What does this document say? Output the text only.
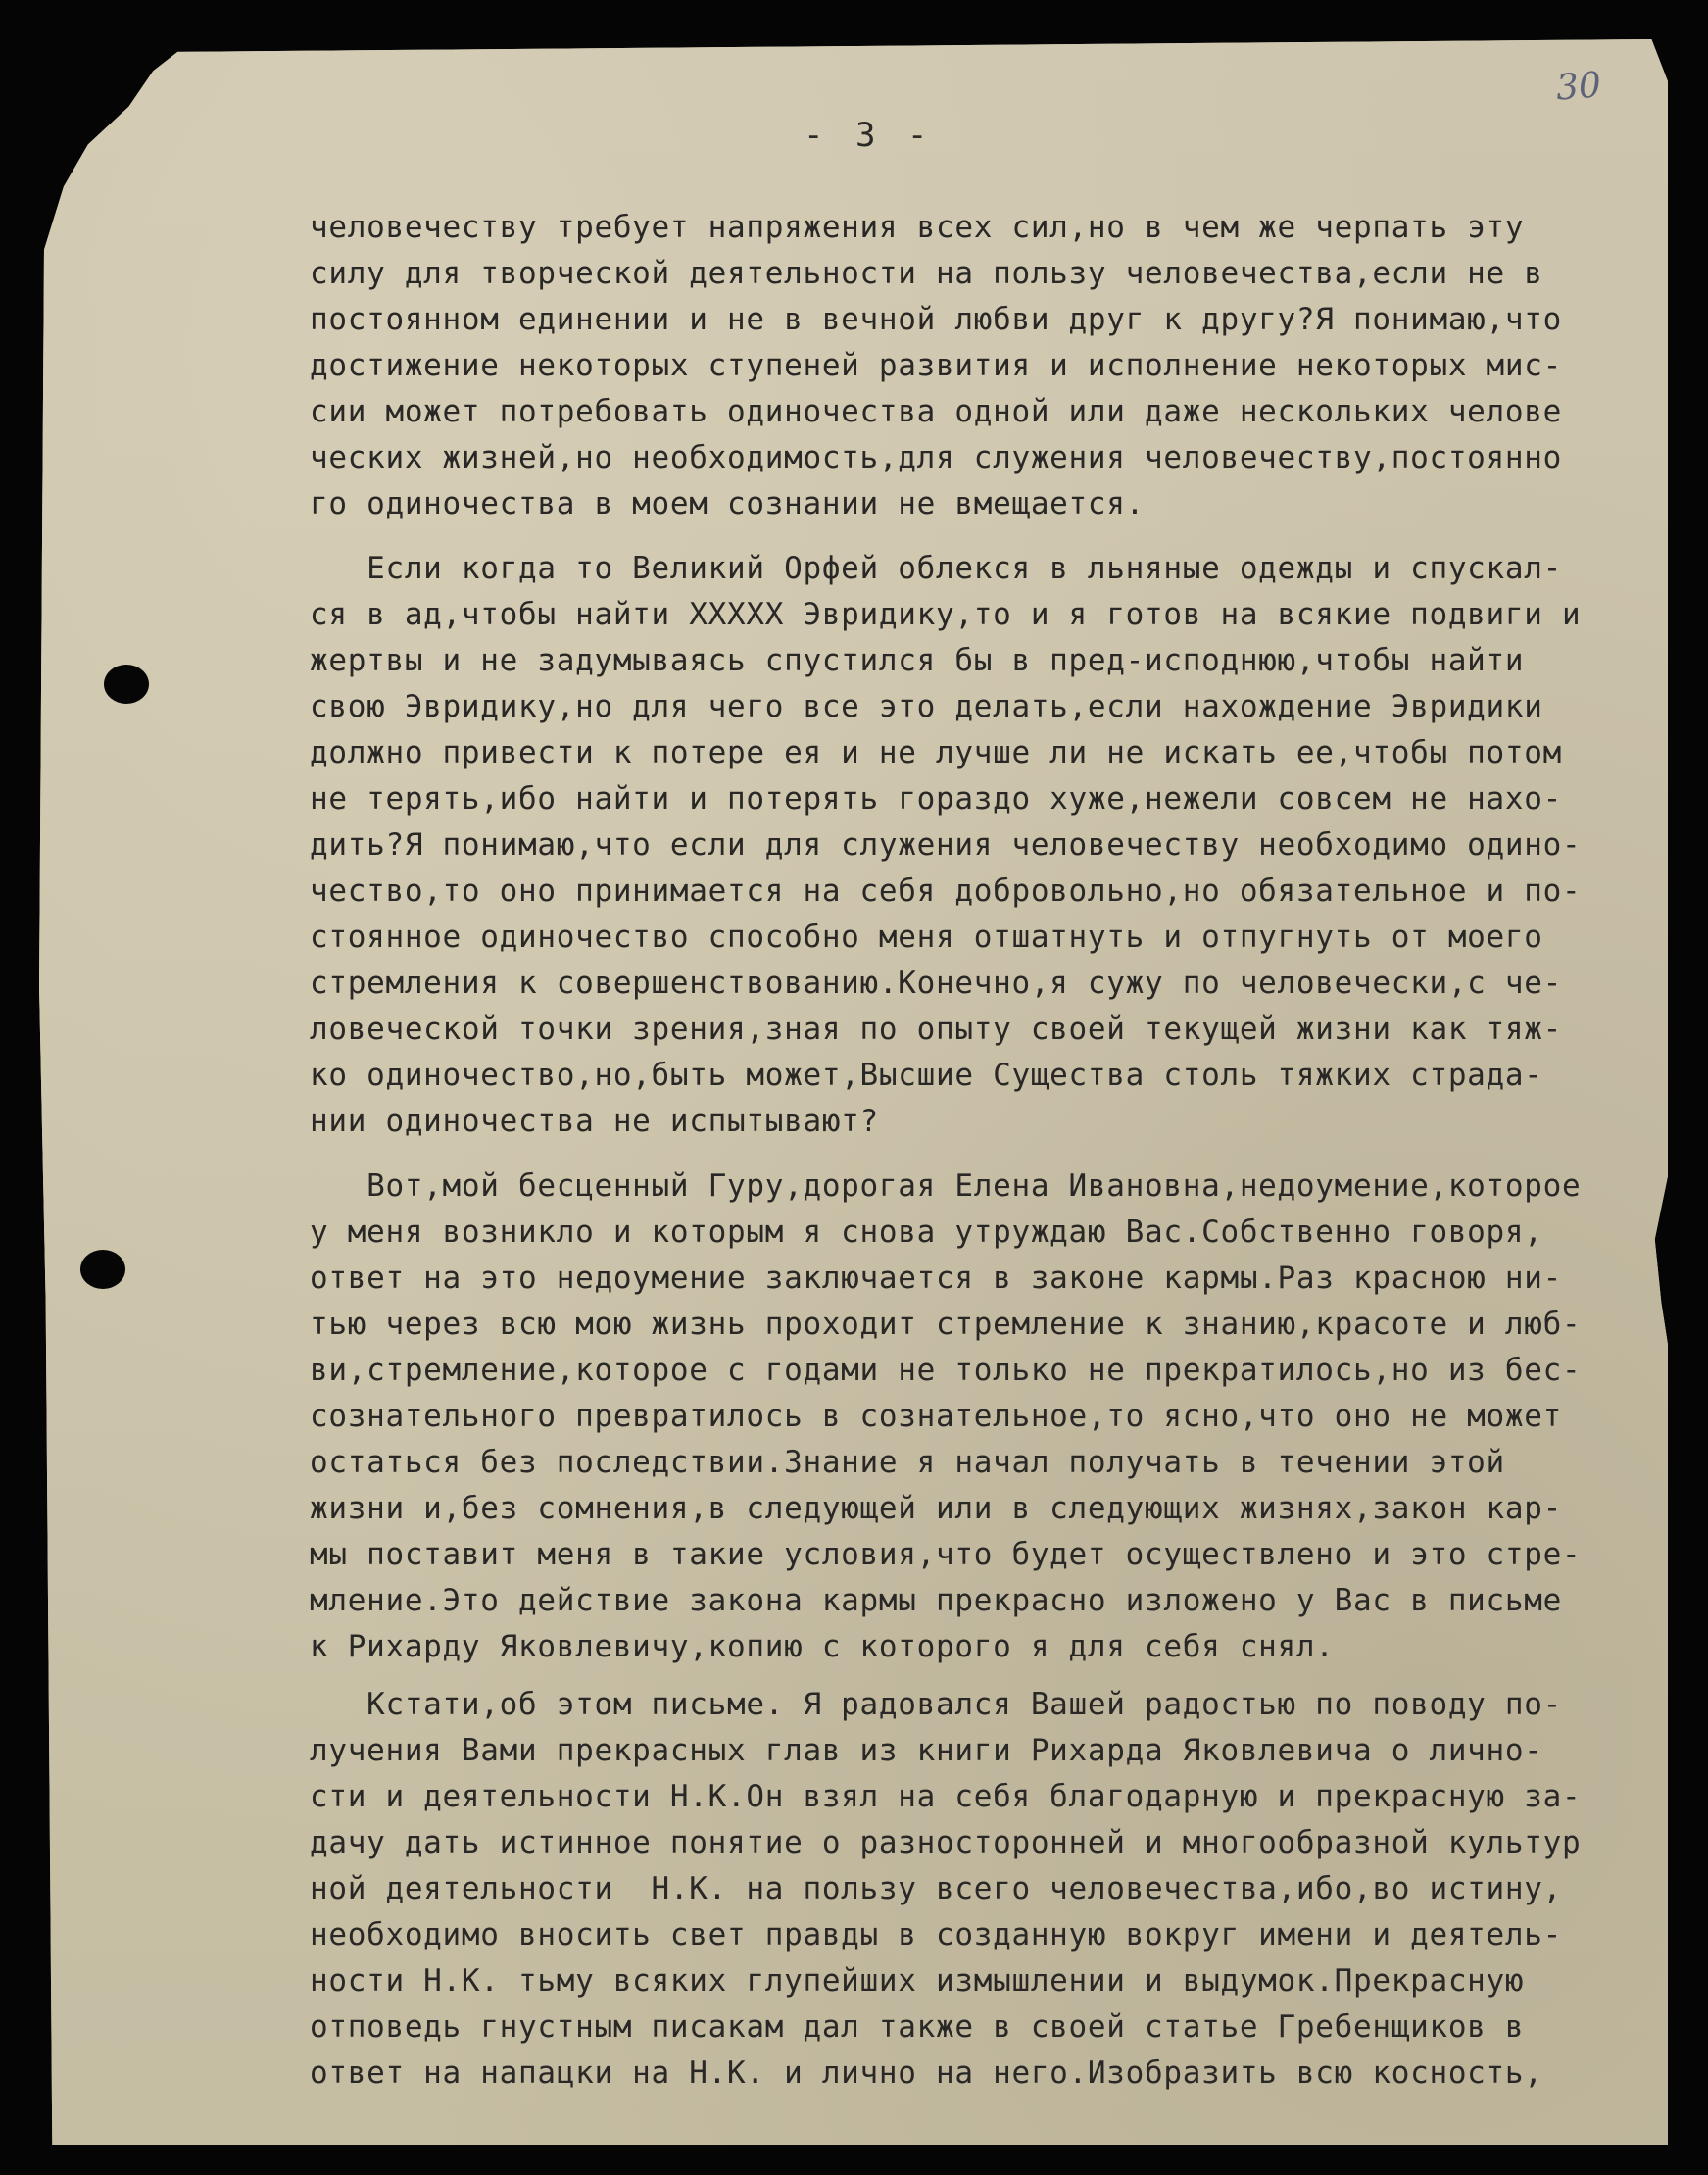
- 3 -
30
человечеству требует напряжения всех сил,но в чем же черпать эту
силу для творческой деятельности на пользу человечества,если не в
постоянном единении и не в вечной любви друг к другу?Я понимаю,что
достижение некоторых ступеней развития и исполнение некоторых мис-
сии может потребовать одиночества одной или даже нескольких челове
ческих жизней,но необходимость,для служения человечеству,постоянно
го одиночества в моем сознании не вмещается.
Если когда то Великий Орфей облекся в льняные одежды и спускал-
ся в ад,чтобы найти ХХХХХ Эвридику,то и я готов на всякие подвиги и
жертвы и не задумываясь спустился бы в пред-исподнюю,чтобы найти
свою Эвридику,но для чего все это делать,если нахождение Эвридики
должно привести к потере ея и не лучше ли не искать ее,чтобы потом
не терять,ибо найти и потерять гораздо хуже,нежели совсем не нахо-
дить?Я понимаю,что если для служения человечеству необходимо одино-
чество,то оно принимается на себя добровольно,но обязательное и по-
стоянное одиночество способно меня отшатнуть и отпугнуть от моего
стремления к совершенствованию.Конечно,я сужу по человечески,с че-
ловеческой точки зрения,зная по опыту своей текущей жизни как тяж-
ко одиночество,но,быть может,Высшие Существа столь тяжких страда-
нии одиночества не испытывают?
Вот,мой бесценный Гуру,дорогая Елена Ивановна,недоумение,которое
у меня возникло и которым я снова утруждаю Вас.Собственно говоря,
ответ на это недоумение заключается в законе кармы.Раз красною ни-
тью через всю мою жизнь проходит стремление к знанию,красоте и люб-
ви,стремление,которое с годами не только не прекратилось,но из бес-
сознательного превратилось в сознательное,то ясно,что оно не может
остаться без последствии.Знание я начал получать в течении этой
жизни и,без сомнения,в следующей или в следующих жизнях,закон кар-
мы поставит меня в такие условия,что будет осуществлено и это стре-
мление.Это действие закона кармы прекрасно изложено у Вас в письме
к Рихарду Яковлевичу,копию с которого я для себя снял.
Кстати,об этом письме. Я радовался Вашей радостью по поводу по-
лучения Вами прекрасных глав из книги Рихарда Яковлевича о лично-
сти и деятельности Н.К.Он взял на себя благодарную и прекрасную за-
дачу дать истинное понятие о разносторонней и многообразной культур
ной деятельности  Н.К. на пользу всего человечества,ибо,во истину,
необходимо вносить свет правды в созданную вокруг имени и деятель-
ности Н.К. тьму всяких глупейших измышлении и выдумок.Прекрасную
отповедь гнустным писакам дал также в своей статье Гребенщиков в
ответ на напацки на Н.К. и лично на него.Изобразить всю косность,
